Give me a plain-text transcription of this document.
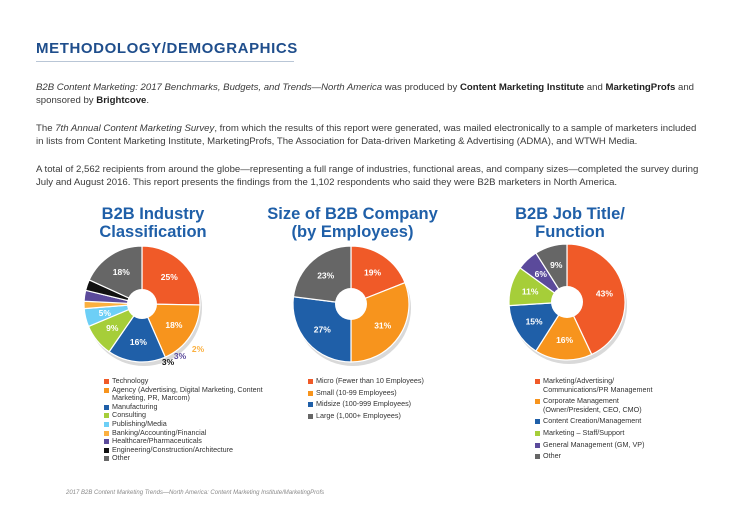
METHODOLOGY/DEMOGRAPHICS
B2B Content Marketing: 2017 Benchmarks, Budgets, and Trends—North America was produced by Content Marketing Institute and MarketingProfs and sponsored by Brightcove.
The 7th Annual Content Marketing Survey, from which the results of this report were generated, was mailed electronically to a sample of marketers included in lists from Content Marketing Institute, MarketingProfs, The Association for Data-driven Marketing & Advertising (ADMA), and WTWH Media.
A total of 2,562 recipients from around the globe—representing a full range of industries, functional areas, and company sizes—completed the survey during July and August 2016. This report presents the findings from the 1,102 respondents who said they were B2B marketers in North America.
B2B Industry
Classification
Size of B2B Company
(by Employees)
B2B Job Title/
Function
25%
18%
16%
9%
5%
2%
3%
3%
18%	19%
31%
27%
23%
43%
16%
15%
11%
6%
9%
Technology
Agency (Advertising, Digital Marketing, Content Marketing, PR, Marcom)
Manufacturing
Consulting
Publishing/Media
Banking/Accounting/Financial
Healthcare/Pharmaceuticals
Engineering/Construction/Architecture
Other
Micro (Fewer than 10 Employees)
Small (10-99 Employees)
Midsize (100-999 Employees)
Large (1,000+ Employees)
Marketing/Advertising/ Communications/PR Management
Corporate Management (Owner/President, CEO, CMO)
Content Creation/Management
Marketing – Staff/Support
General Management (GM, VP)
Other
2017 B2B Content Marketing Trends—North America: Content Marketing Institute/MarketingProfs
